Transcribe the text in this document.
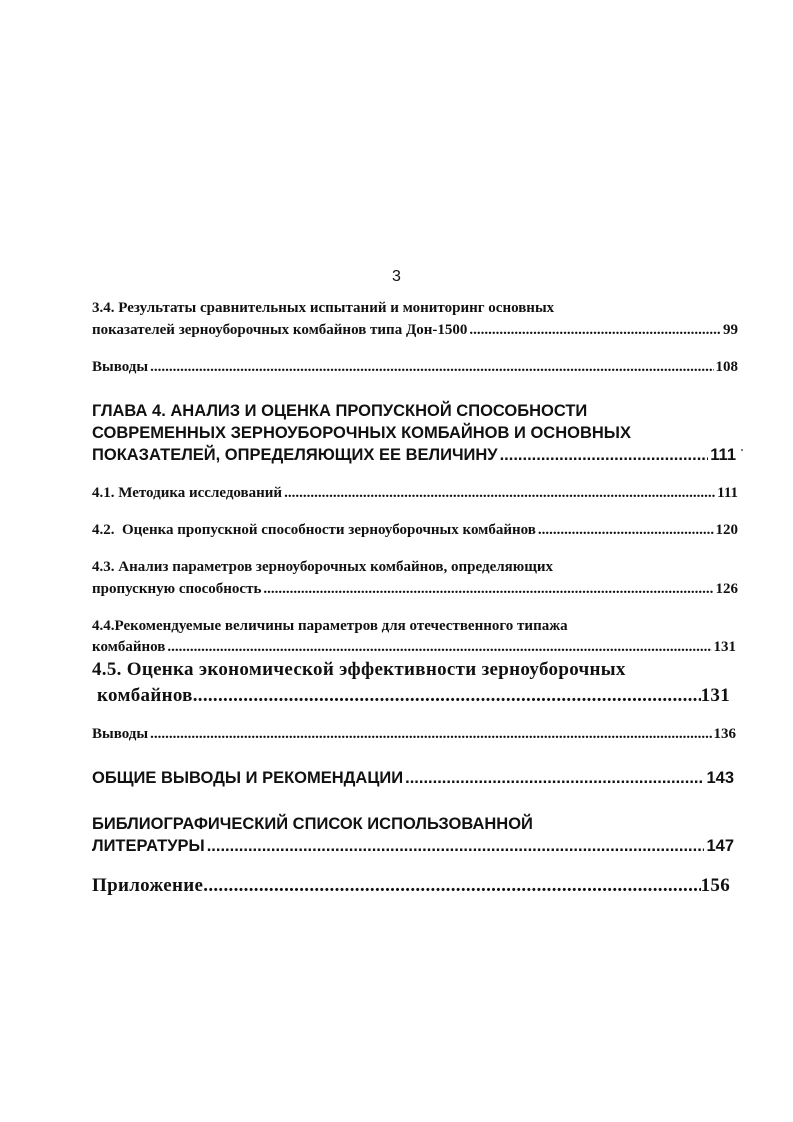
3
3.4. Результаты сравнительных испытаний и мониторинг основных
показателей зерноуборочных комбайнов типа Дон-1500 .....	99
Выводы .....	108
ГЛАВА 4. АНАЛИЗ И ОЦЕНКА ПРОПУСКНОЙ СПОСОБНОСТИ
СОВРЕМЕННЫХ ЗЕРНОУБОРОЧНЫХ КОМБАЙНОВ И ОСНОВНЫХ
ПОКАЗАТЕЛЕЙ, ОПРЕДЕЛЯЮЩИХ ЕЕ ВЕЛИЧИНУ .....	111
4.1. Методика исследований .....	111
4.2.  Оценка пропускной способности зерноуборочных комбайнов .....	120
4.3. Анализ параметров зерноуборочных комбайнов, определяющих
пропускную способность .....	126
4.4.Рекомендуемые величины параметров для отечественного типажа
комбайнов .....	131
4.5. Оценка экономической эффективности зерноуборочных
комбайнов .....	131
Выводы .....	136
ОБЩИЕ ВЫВОДЫ И РЕКОМЕНДАЦИИ .....	143
БИБЛИОГРАФИЧЕСКИЙ СПИСОК ИСПОЛЬЗОВАННОЙ
ЛИТЕРАТУРЫ .....	147
Приложение .....	156
